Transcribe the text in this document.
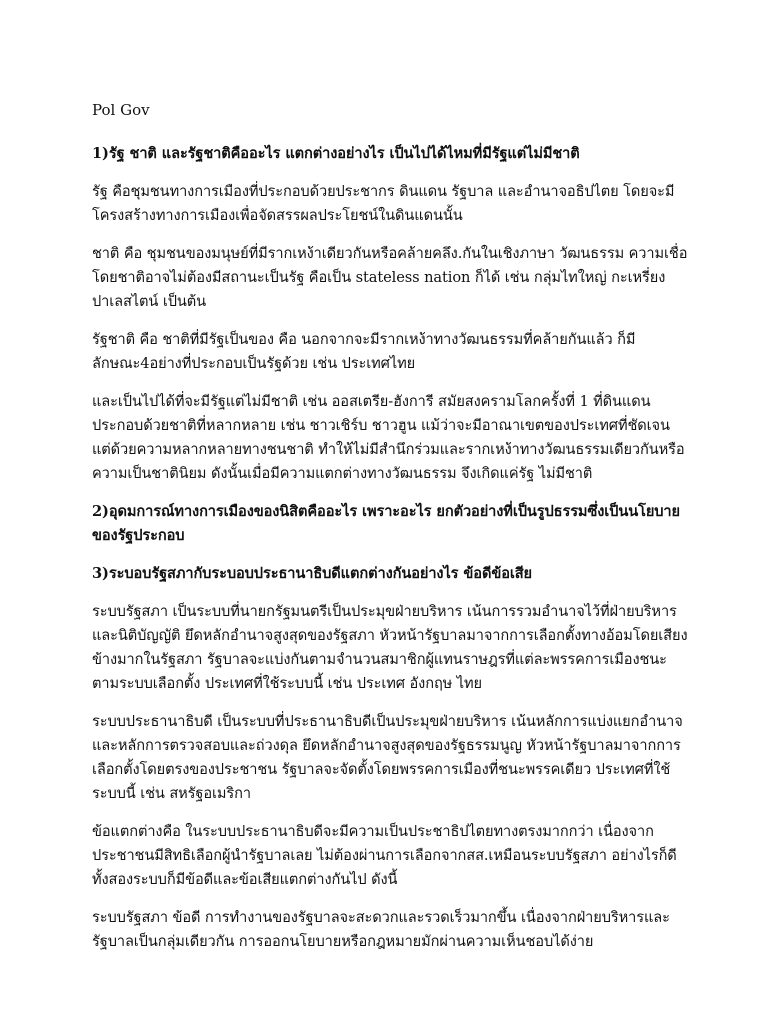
Pol Gov

1)รัฐ ชาติ และรัฐชาติคืออะไร แตกต่างอย่างไร เป็นไปได้ไหมที่มีรัฐแต่ไม่มีชาติ

รัฐ คือชุมชนทางการเมืองที่ประกอบด้วยประชากร ดินแดน รัฐบาล และอำนาจอธิปไตย โดยจะมีโครงสร้างทางการเมืองเพื่อจัดสรรผลประโยชน์ในดินแดนนั้น

ชาติ คือ ชุมชนของมนุษย์ที่มีรากเหง้าเดียวกันหรือคล้ายคลึง.กันในเชิงภาษา วัฒนธรรม ความเชื่อ โดยชาติอาจไม่ต้องมีสถานะเป็นรัฐ คือเป็น stateless nation ก็ได้ เช่น กลุ่มไทใหญ่ กะเหรี่ยง ปาเลสไตน์ เป็นต้น

รัฐชาติ คือ ชาติที่มีรัฐเป็นของ คือ นอกจากจะมีรากเหง้าทางวัฒนธรรมที่คล้ายกันแล้ว ก็มีลักษณะ4อย่างที่ประกอบเป็นรัฐด้วย เช่น ประเทศไทย

และเป็นไปได้ที่จะมีรัฐแต่ไม่มีชาติ เช่น ออสเตรีย-ฮังการี สมัยสงครามโลกครั้งที่ 1 ที่ดินแดนประกอบด้วยชาติที่หลากหลาย เช่น ชาวเชิร์บ ชาวฮูน แม้ว่าจะมีอาณาเขตของประเทศที่ชัดเจน แต่ด้วยความหลากหลายทางชนชาติ ทำให้ไม่มีสำนึกร่วมและรากเหง้าทางวัฒนธรรมเดียวกันหรือความเป็นชาตินิยม ดังนั้นเมื่อมีความแตกต่างทางวัฒนธรรม จึงเกิดแค่รัฐ ไม่มีชาติ

2)อุดมการณ์ทางการเมืองของนิสิตคืออะไร เพราะอะไร ยกตัวอย่างที่เป็นรูปธรรมซึ่งเป็นนโยบายของรัฐประกอบ

3)ระบอบรัฐสภากับระบอบประธานาธิบดีแตกต่างกันอย่างไร ข้อดีข้อเสีย

ระบบรัฐสภา เป็นระบบที่นายกรัฐมนตรีเป็นประมุขฝ่ายบริหาร เน้นการรวมอำนาจไว้ที่ฝ่ายบริหารและนิติบัญญัติ ยึดหลักอำนาจสูงสุดของรัฐสภา หัวหน้ารัฐบาลมาจากการเลือกตั้งทางอ้อมโดยเสียงข้างมากในรัฐสภา รัฐบาลจะแบ่งกันตามจำนวนสมาชิกผู้แทนราษฎรที่แต่ละพรรคการเมืองชนะตามระบบเลือกตั้ง ประเทศที่ใช้ระบบนี้ เช่น ประเทศ อังกฤษ ไทย

ระบบประธานาธิบดี เป็นระบบที่ประธานาธิบดีเป็นประมุขฝ่ายบริหาร เน้นหลักการแบ่งแยกอำนาจ และหลักการตรวจสอบและถ่วงดุล ยึดหลักอำนาจสูงสุดของรัฐธรรมนูญ หัวหน้ารัฐบาลมาจากการเลือกตั้งโดยตรงของประชาชน รัฐบาลจะจัดตั้งโดยพรรคการเมืองที่ชนะพรรคเดียว ประเทศที่ใช้ระบบนี้ เช่น สหรัฐอเมริกา

ข้อแตกต่างคือ ในระบบประธานาธิบดีจะมีความเป็นประชาธิปไตยทางตรงมากกว่า เนื่องจากประชาชนมีสิทธิเลือกผู้นำรัฐบาลเลย ไม่ต้องผ่านการเลือกจากสส.เหมือนระบบรัฐสภา อย่างไรก็ดี ทั้งสองระบบก็มีข้อดีและข้อเสียแตกต่างกันไป ดังนี้

ระบบรัฐสภา ข้อดี การทำงานของรัฐบาลจะสะดวกและรวดเร็วมากขึ้น เนื่องจากฝ่ายบริหารและรัฐบาลเป็นกลุ่มเดียวกัน การออกนโยบายหรือกฎหมายมักผ่านความเห็นชอบได้ง่าย
